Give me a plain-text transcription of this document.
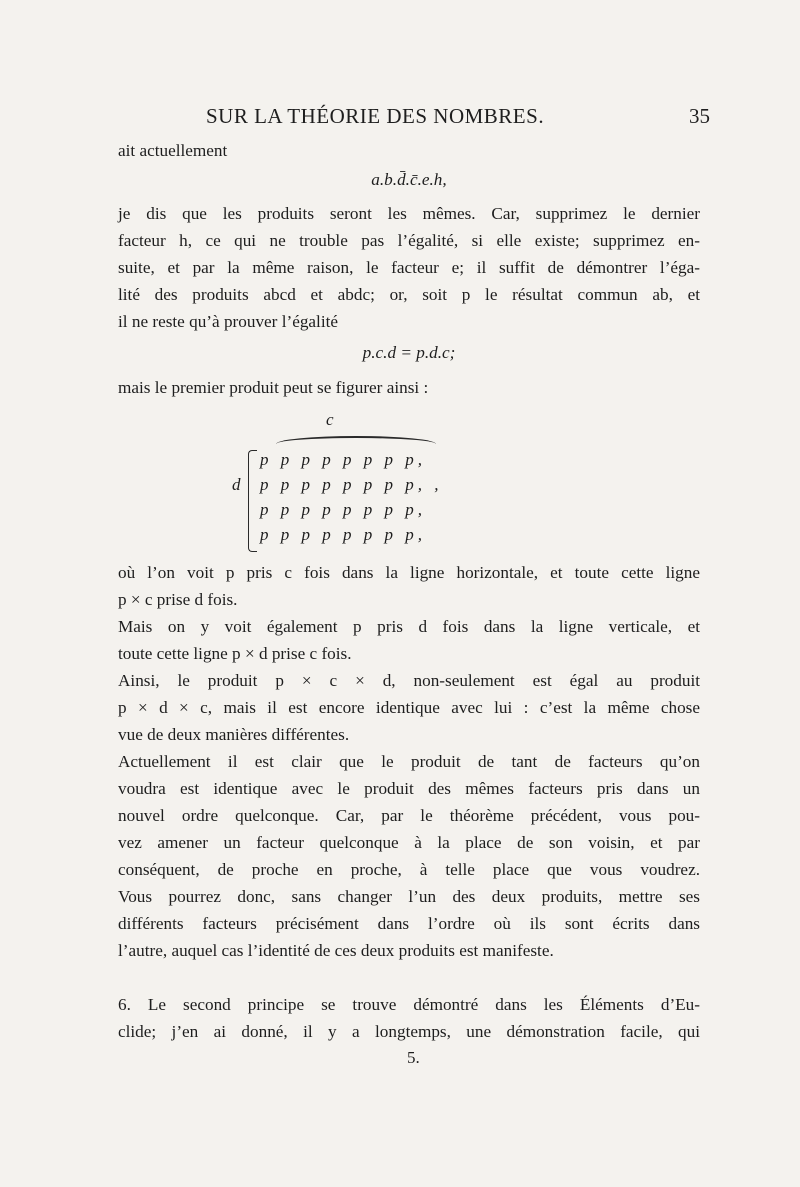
SUR LA THÉORIE DES NOMBRES.	35
ait actuellement
a.b.d̄.c̄.e.h,
je dis que les produits seront les mêmes. Car, supprimez le dernier
facteur h, ce qui ne trouble pas l’égalité, si elle existe; supprimez en-
suite, et par la même raison, le facteur e; il suffit de démontrer l’éga-
lité des produits abcd et abdc; or, soit p le résultat commun ab, et
il ne reste qu’à prouver l’égalité
p.c.d = p.d.c;
mais le premier produit peut se figurer ainsi :
c
d
p p p p p p p p,
p p p p p p p p, ,
p p p p p p p p,
p p p p p p p p,
où l’on voit p pris c fois dans la ligne horizontale, et toute cette ligne
p × c prise d fois.
Mais on y voit également p pris d fois dans la ligne verticale, et
toute cette ligne p × d prise c fois.
Ainsi, le produit p × c × d, non-seulement est égal au produit
p × d × c, mais il est encore identique avec lui : c’est la même chose
vue de deux manières différentes.
Actuellement il est clair que le produit de tant de facteurs qu’on
voudra est identique avec le produit des mêmes facteurs pris dans un
nouvel ordre quelconque. Car, par le théorème précédent, vous pou-
vez amener un facteur quelconque à la place de son voisin, et par
conséquent, de proche en proche, à telle place que vous voudrez.
Vous pourrez donc, sans changer l’un des deux produits, mettre ses
différents facteurs précisément dans l’ordre où ils sont écrits dans
l’autre, auquel cas l’identité de ces deux produits est manifeste.
6. Le second principe se trouve démontré dans les Éléments d’Eu-
clide; j’en ai donné, il y a longtemps, une démonstration facile, qui
5.
